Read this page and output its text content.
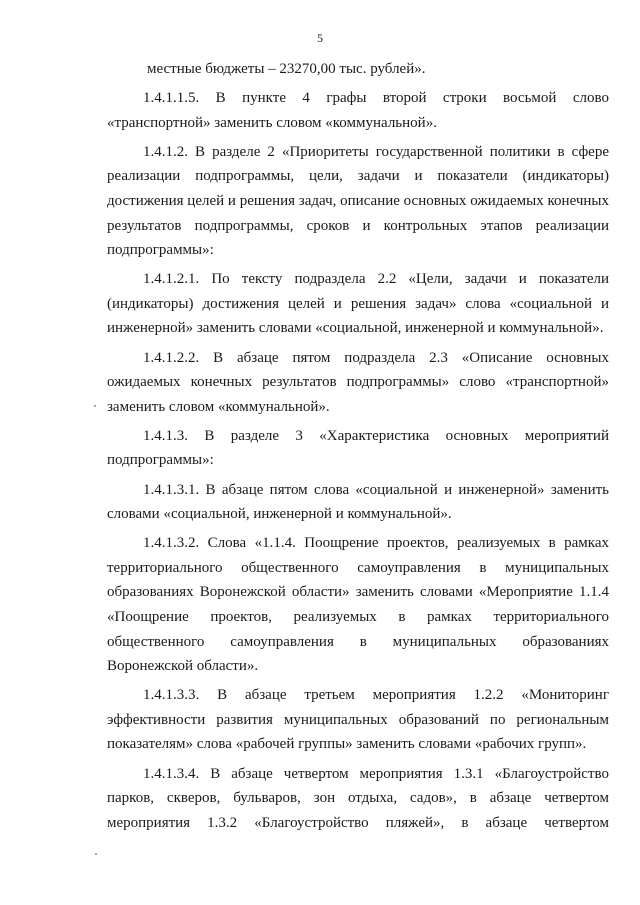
5

местные бюджеты – 23270,00 тыс. рублей».

1.4.1.1.5. В пункте 4 графы второй строки восьмой слово «транспортной» заменить словом «коммунальной».

1.4.1.2. В разделе 2 «Приоритеты государственной политики в сфере реализации подпрограммы, цели, задачи и показатели (индикаторы) достижения целей и решения задач, описание основных ожидаемых конечных результатов подпрограммы, сроков и контрольных этапов реализации подпрограммы»:

1.4.1.2.1. По тексту подраздела 2.2 «Цели, задачи и показатели (индикаторы) достижения целей и решения задач» слова «социальной и инженерной» заменить словами «социальной, инженерной и коммунальной».

1.4.1.2.2. В абзаце пятом подраздела 2.3 «Описание основных ожидаемых конечных результатов подпрограммы» слово «транспортной» заменить словом «коммунальной».

1.4.1.3. В разделе 3 «Характеристика основных мероприятий подпрограммы»:

1.4.1.3.1. В абзаце пятом слова «социальной и инженерной» заменить словами «социальной, инженерной и коммунальной».

1.4.1.3.2. Слова «1.1.4. Поощрение проектов, реализуемых в рамках территориального общественного самоуправления в муниципальных образованиях Воронежской области» заменить словами «Мероприятие 1.1.4 «Поощрение проектов, реализуемых в рамках территориального общественного самоуправления в муниципальных образованиях Воронежской области».

1.4.1.3.3. В абзаце третьем мероприятия 1.2.2 «Мониторинг эффективности развития муниципальных образований по региональным показателям» слова «рабочей группы» заменить словами «рабочих групп».

1.4.1.3.4. В абзаце четвертом мероприятия 1.3.1 «Благоустройство парков, скверов, бульваров, зон отдыха, садов», в абзаце четвертом мероприятия 1.3.2 «Благоустройство пляжей», в абзаце четвертом
